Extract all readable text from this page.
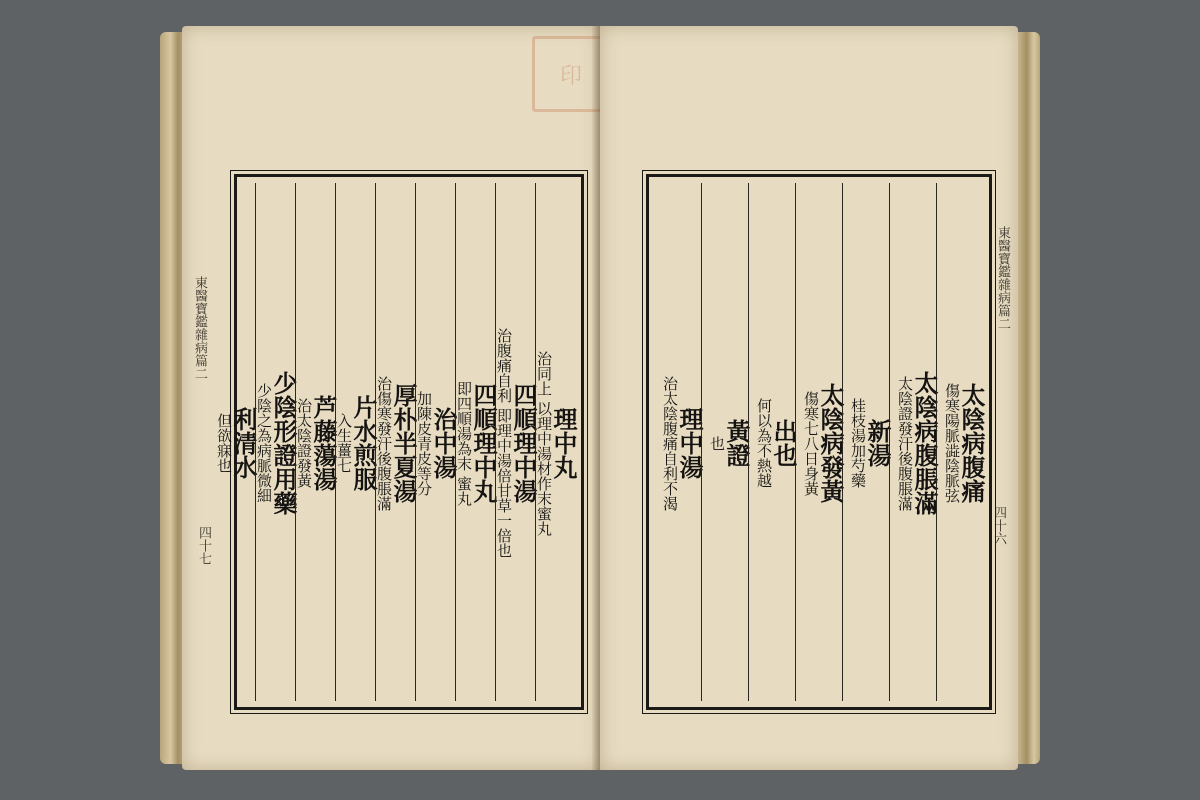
印
東醫寶鑑雜病篇二
四十七
理中丸
治同上 以理中湯材作末蜜丸
四順理中湯
治腹痛自利 即理中湯倍甘草一倍也
四順理中丸
即四順湯為末 蜜丸
治中湯
加陳皮青皮等分
厚朴半夏湯
治傷寒發汗後腹脹滿
片水煎服
入生薑七
芦藤蕩湯
治太陰證發黃
少陰形證用藥
少陰之為病脈微細
利清水
但欲寐也
東醫寶鑑雜病篇二
四十六
太陰病腹痛
傷寒陽脈澁陰脈弦
太陰病腹脹滿
太陰證發汗後腹脹滿
新湯
桂枝湯加芍藥
太陰病發黃
傷寒七八日身黃
出也
何以為不熱越
黃證
也
理中湯
治太陰腹痛自利不渴
